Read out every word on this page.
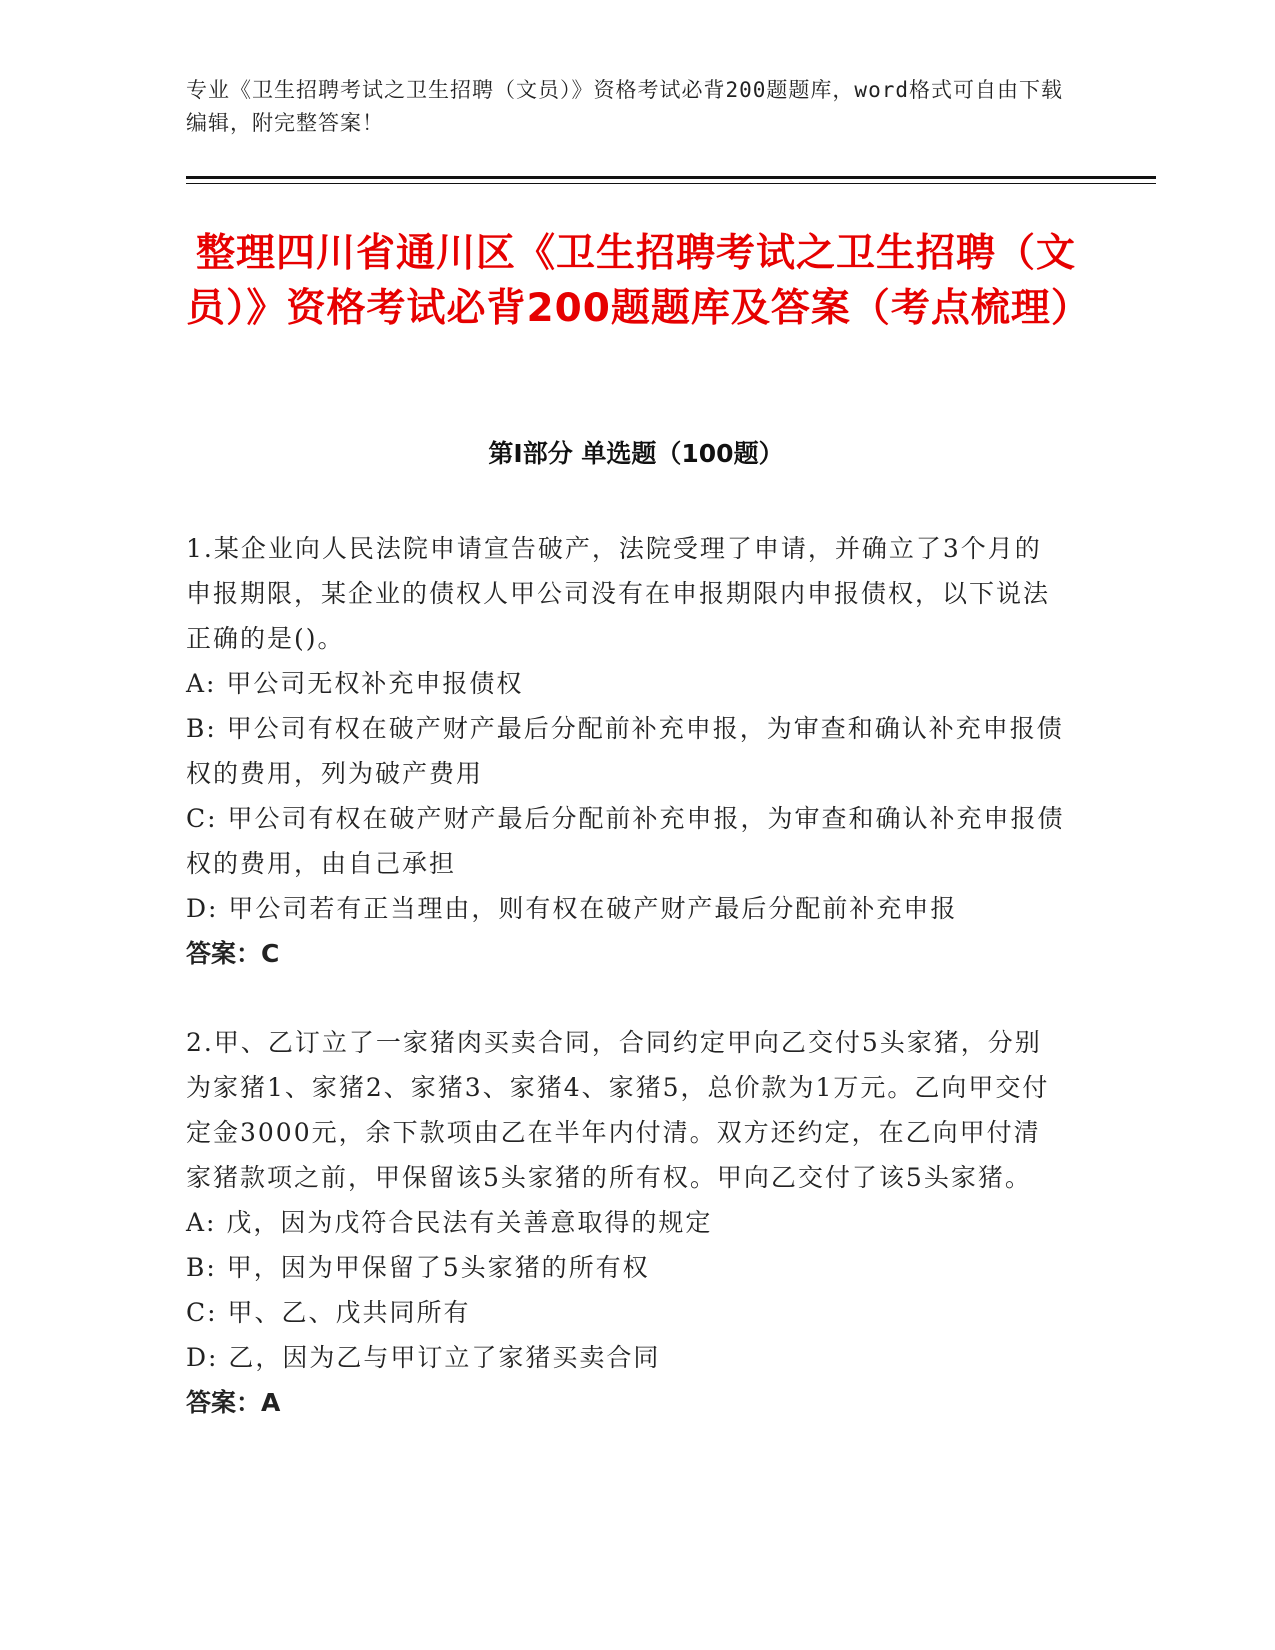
专业《卫生招聘考试之卫生招聘（文员）》资格考试必背200题题库，word格式可自由下载编辑，附完整答案！
整理四川省通川区《卫生招聘考试之卫生招聘（文员）》资格考试必背200题题库及答案（考点梳理）
第I部分 单选题（100题）
1.某企业向人民法院申请宣告破产，法院受理了申请，并确立了3个月的申报期限，某企业的债权人甲公司没有在申报期限内申报债权，以下说法正确的是()。
A: 甲公司无权补充申报债权
B: 甲公司有权在破产财产最后分配前补充申报，为审查和确认补充申报债权的费用，列为破产费用
C: 甲公司有权在破产财产最后分配前补充申报，为审查和确认补充申报债权的费用，由自己承担
D: 甲公司若有正当理由，则有权在破产财产最后分配前补充申报
答案：C
2.甲、乙订立了一家猪肉买卖合同，合同约定甲向乙交付5头家猪，分别为家猪1、家猪2、家猪3、家猪4、家猪5，总价款为1万元。乙向甲交付定金3000元，余下款项由乙在半年内付清。双方还约定，在乙向甲付清家猪款项之前，甲保留该5头家猪的所有权。甲向乙交付了该5头家猪。
A: 戊，因为戊符合民法有关善意取得的规定
B: 甲，因为甲保留了5头家猪的所有权
C: 甲、乙、戊共同所有
D: 乙，因为乙与甲订立了家猪买卖合同
答案：A
